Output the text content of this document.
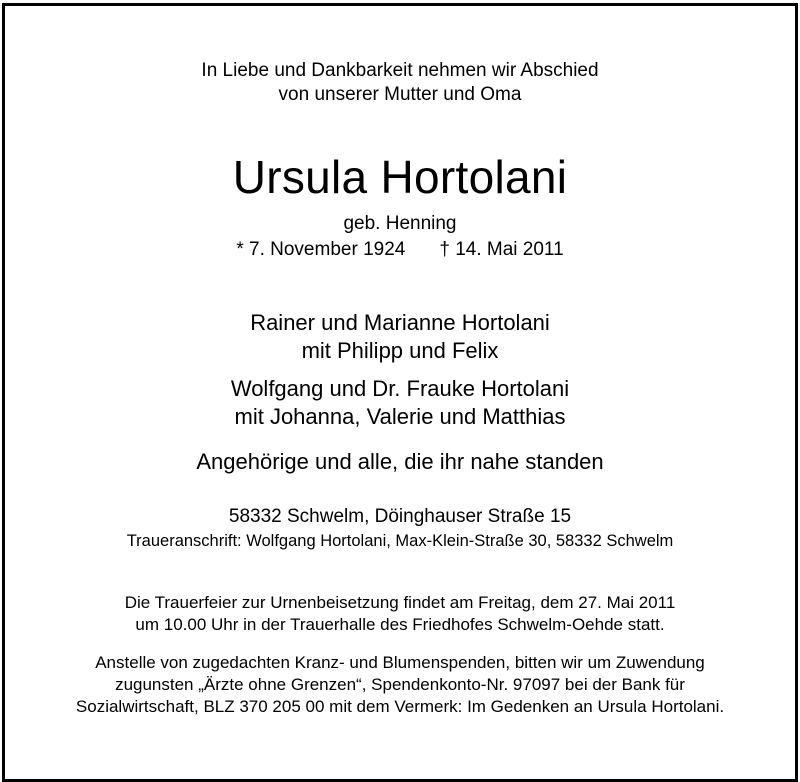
In Liebe und Dankbarkeit nehmen wir Abschied
von unserer Mutter und Oma
Ursula Hortolani
geb. Henning
* 7. November 1924 † 14. Mai 2011
Rainer und Marianne Hortolani
mit Philipp und Felix
Wolfgang und Dr. Frauke Hortolani
mit Johanna, Valerie und Matthias
Angehörige und alle, die ihr nahe standen
58332 Schwelm, Döinghauser Straße 15
Traueranschrift: Wolfgang Hortolani, Max-Klein-Straße 30, 58332 Schwelm
Die Trauerfeier zur Urnenbeisetzung findet am Freitag, dem 27. Mai 2011
um 10.00 Uhr in der Trauerhalle des Friedhofes Schwelm-Oehde statt.
Anstelle von zugedachten Kranz- und Blumenspenden, bitten wir um Zuwendung
zugunsten „Ärzte ohne Grenzen“, Spendenkonto-Nr. 97097 bei der Bank für
Sozialwirtschaft, BLZ 370 205 00 mit dem Vermerk: Im Gedenken an Ursula Hortolani.
